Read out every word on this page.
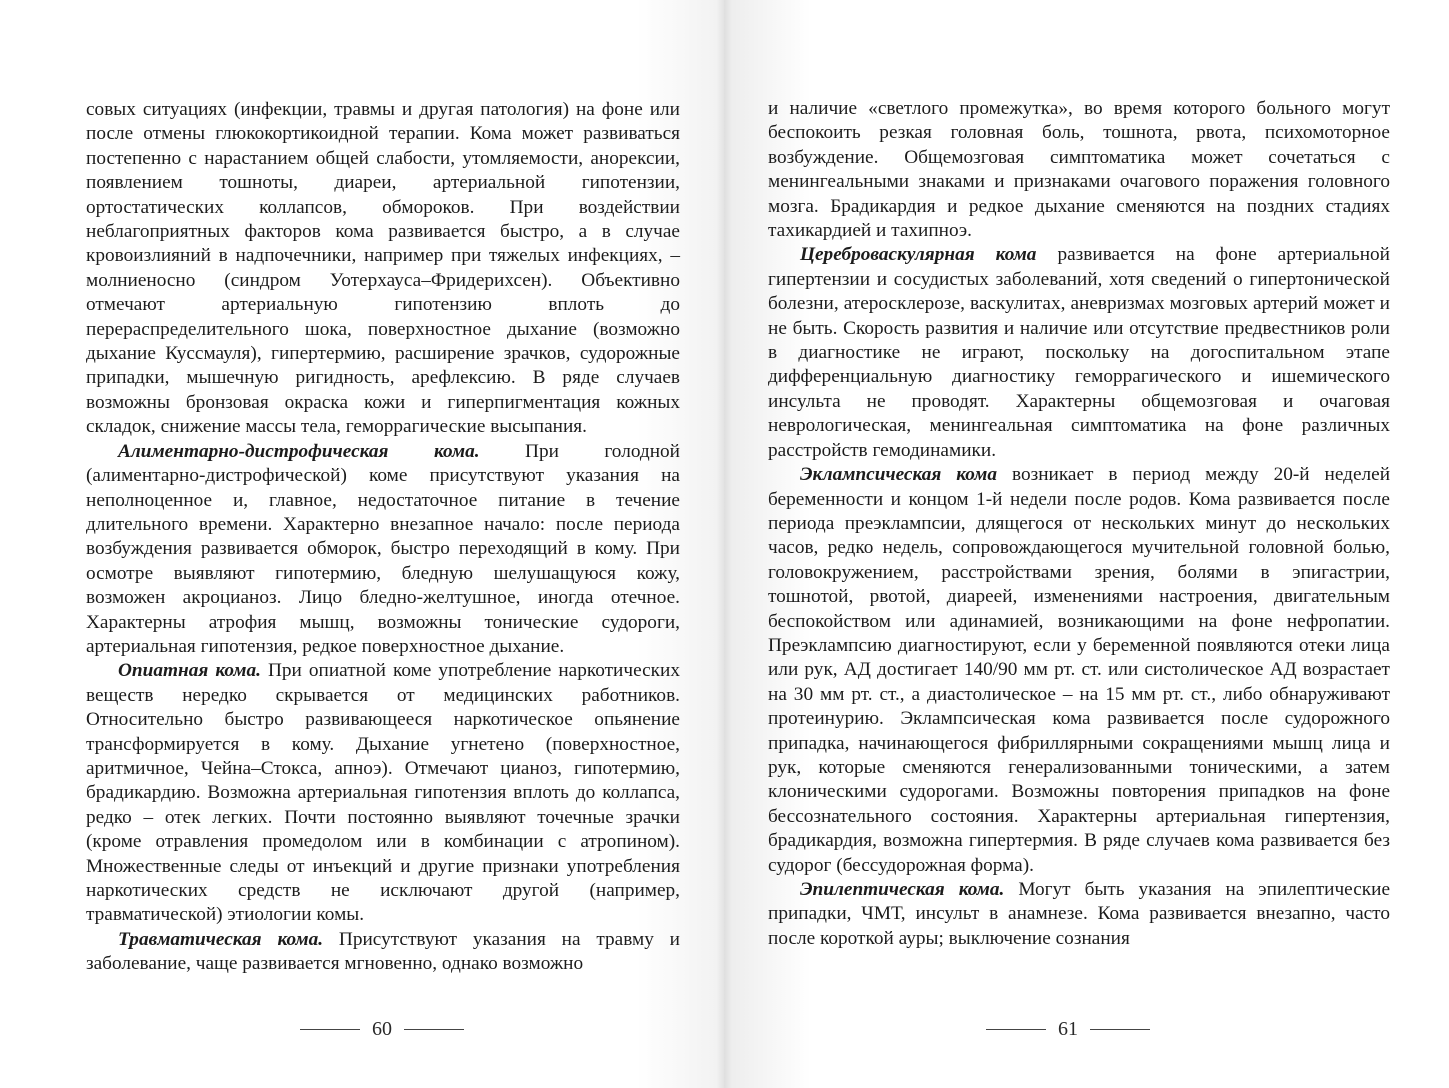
совых ситуациях (инфекции, травмы и другая патология) на фоне или после отмены глюкокортикоидной терапии. Кома может развиваться постепенно с нарастанием общей слабости, утомляемости, анорексии, появлением тошноты, диареи, артериальной гипотензии, ортостатических коллапсов, обмороков. При воздействии неблагоприятных факторов кома развивается быстро, а в случае кровоизлияний в надпочечники, например при тяжелых инфекциях, – молниеносно (синдром Уотерхауса–Фридерихсен). Объективно отмечают артериальную гипотензию вплоть до перераспределительного шока, поверхностное дыхание (возможно дыхание Куссмауля), гипертермию, расширение зрачков, судорожные припадки, мышечную ригидность, арефлексию. В ряде случаев возможны бронзовая окраска кожи и гиперпигментация кожных складок, снижение массы тела, геморрагические высыпания.

Алиментарно-дистрофическая кома. При голодной (алиментарно-дистрофической) коме присутствуют указания на неполноценное и, главное, недостаточное питание в течение длительного времени. Характерно внезапное начало: после периода возбуждения развивается обморок, быстро переходящий в кому. При осмотре выявляют гипотермию, бледную шелушащуюся кожу, возможен акроцианоз. Лицо бледно-желтушное, иногда отечное. Характерны атрофия мышц, возможны тонические судороги, артериальная гипотензия, редкое поверхностное дыхание.

Опиатная кома. При опиатной коме употребление наркотических веществ нередко скрывается от медицинских работников. Относительно быстро развивающееся наркотическое опьянение трансформируется в кому. Дыхание угнетено (поверхностное, аритмичное, Чейна–Стокса, апноэ). Отмечают цианоз, гипотермию, брадикардию. Возможна артериальная гипотензия вплоть до коллапса, редко – отек легких. Почти постоянно выявляют точечные зрачки (кроме отравления промедолом или в комбинации с атропином). Множественные следы от инъекций и другие признаки употребления наркотических средств не исключают другой (например, травматической) этиологии комы.

Травматическая кома. Присутствуют указания на травму и заболевание, чаще развивается мгновенно, однако возможно

60

и наличие «светлого промежутка», во время которого больного могут беспокоить резкая головная боль, тошнота, рвота, психомоторное возбуждение. Общемозговая симптоматика может сочетаться с менингеальными знаками и признаками очагового поражения головного мозга. Брадикардия и редкое дыхание сменяются на поздних стадиях тахикардией и тахипноэ.

Цереброваскулярная кома развивается на фоне артериальной гипертензии и сосудистых заболеваний, хотя сведений о гипертонической болезни, атеросклерозе, васкулитах, аневризмах мозговых артерий может и не быть. Скорость развития и наличие или отсутствие предвестников роли в диагностике не играют, поскольку на догоспитальном этапе дифференциальную диагностику геморрагического и ишемического инсульта не проводят. Характерны общемозговая и очаговая неврологическая, менингеальная симптоматика на фоне различных расстройств гемодинамики.

Эклампсическая кома возникает в период между 20-й неделей беременности и концом 1-й недели после родов. Кома развивается после периода преэклампсии, длящегося от нескольких минут до нескольких часов, редко недель, сопровождающегося мучительной головной болью, головокружением, расстройствами зрения, болями в эпигастрии, тошнотой, рвотой, диареей, изменениями настроения, двигательным беспокойством или адинамией, возникающими на фоне нефропатии. Преэклампсию диагностируют, если у беременной появляются отеки лица или рук, АД достигает 140/90 мм рт. ст. или систолическое АД возрастает на 30 мм рт. ст., а диастолическое – на 15 мм рт. ст., либо обнаруживают протеинурию. Эклампсическая кома развивается после судорожного припадка, начинающегося фибриллярными сокращениями мышц лица и рук, которые сменяются генерализованными тоническими, а затем клоническими судорогами. Возможны повторения припадков на фоне бессознательного состояния. Характерны артериальная гипертензия, брадикардия, возможна гипертермия. В ряде случаев кома развивается без судорог (бессудорожная форма).

Эпилептическая кома. Могут быть указания на эпилептические припадки, ЧМТ, инсульт в анамнезе. Кома развивается внезапно, часто после короткой ауры; выключение сознания

61
